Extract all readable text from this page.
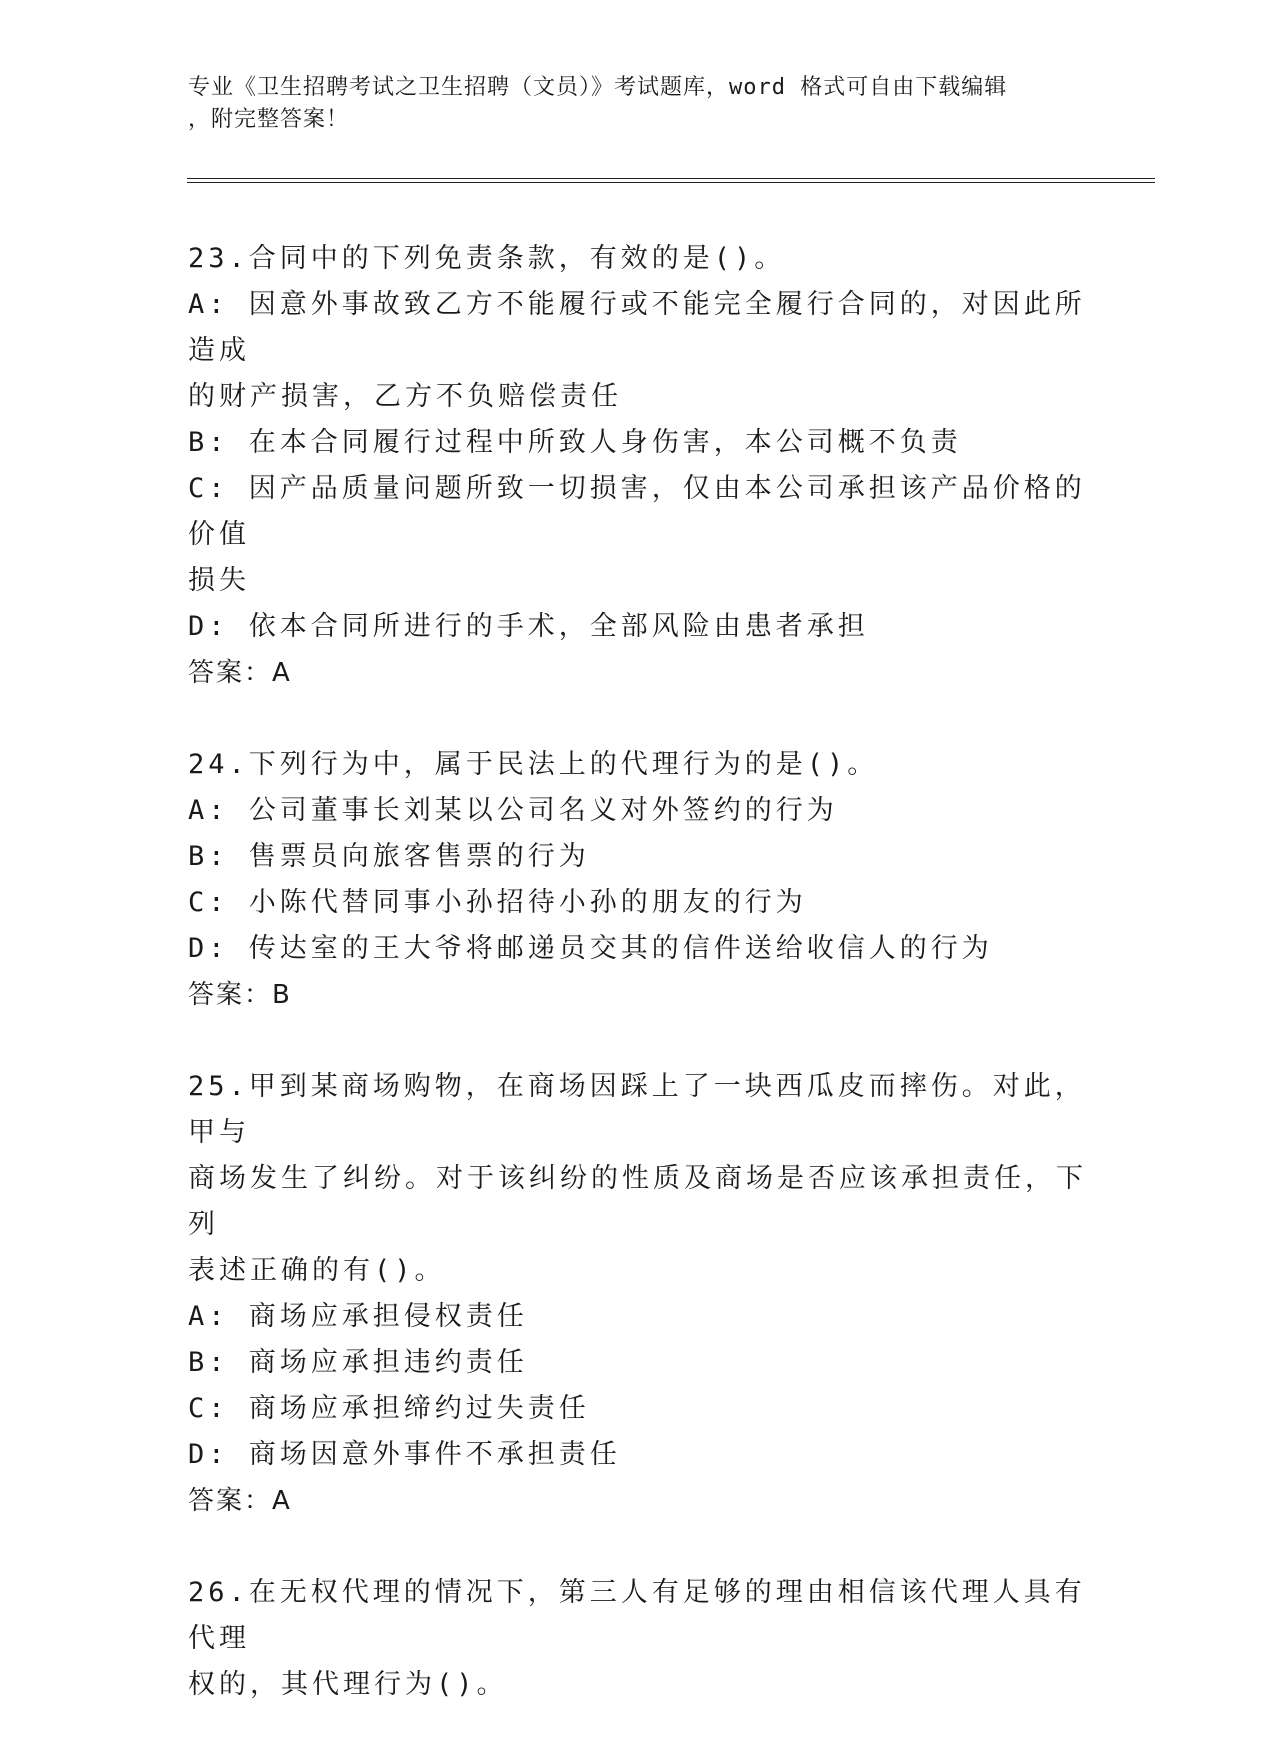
专业《卫生招聘考试之卫生招聘（文员）》考试题库，word 格式可自由下载编辑
，附完整答案！
23.合同中的下列免责条款，有效的是()。
A: 因意外事故致乙方不能履行或不能完全履行合同的，对因此所造成
的财产损害，乙方不负赔偿责任
B: 在本合同履行过程中所致人身伤害，本公司概不负责
C: 因产品质量问题所致一切损害，仅由本公司承担该产品价格的价值
损失
D: 依本合同所进行的手术，全部风险由患者承担
答案：A
24.下列行为中，属于民法上的代理行为的是()。
A: 公司董事长刘某以公司名义对外签约的行为
B: 售票员向旅客售票的行为
C: 小陈代替同事小孙招待小孙的朋友的行为
D: 传达室的王大爷将邮递员交其的信件送给收信人的行为
答案：B
25.甲到某商场购物，在商场因踩上了一块西瓜皮而摔伤。对此，甲与
商场发生了纠纷。对于该纠纷的性质及商场是否应该承担责任，下列
表述正确的有()。
A: 商场应承担侵权责任
B: 商场应承担违约责任
C: 商场应承担缔约过失责任
D: 商场因意外事件不承担责任
答案：A
26.在无权代理的情况下，第三人有足够的理由相信该代理人具有代理
权的，其代理行为()。
